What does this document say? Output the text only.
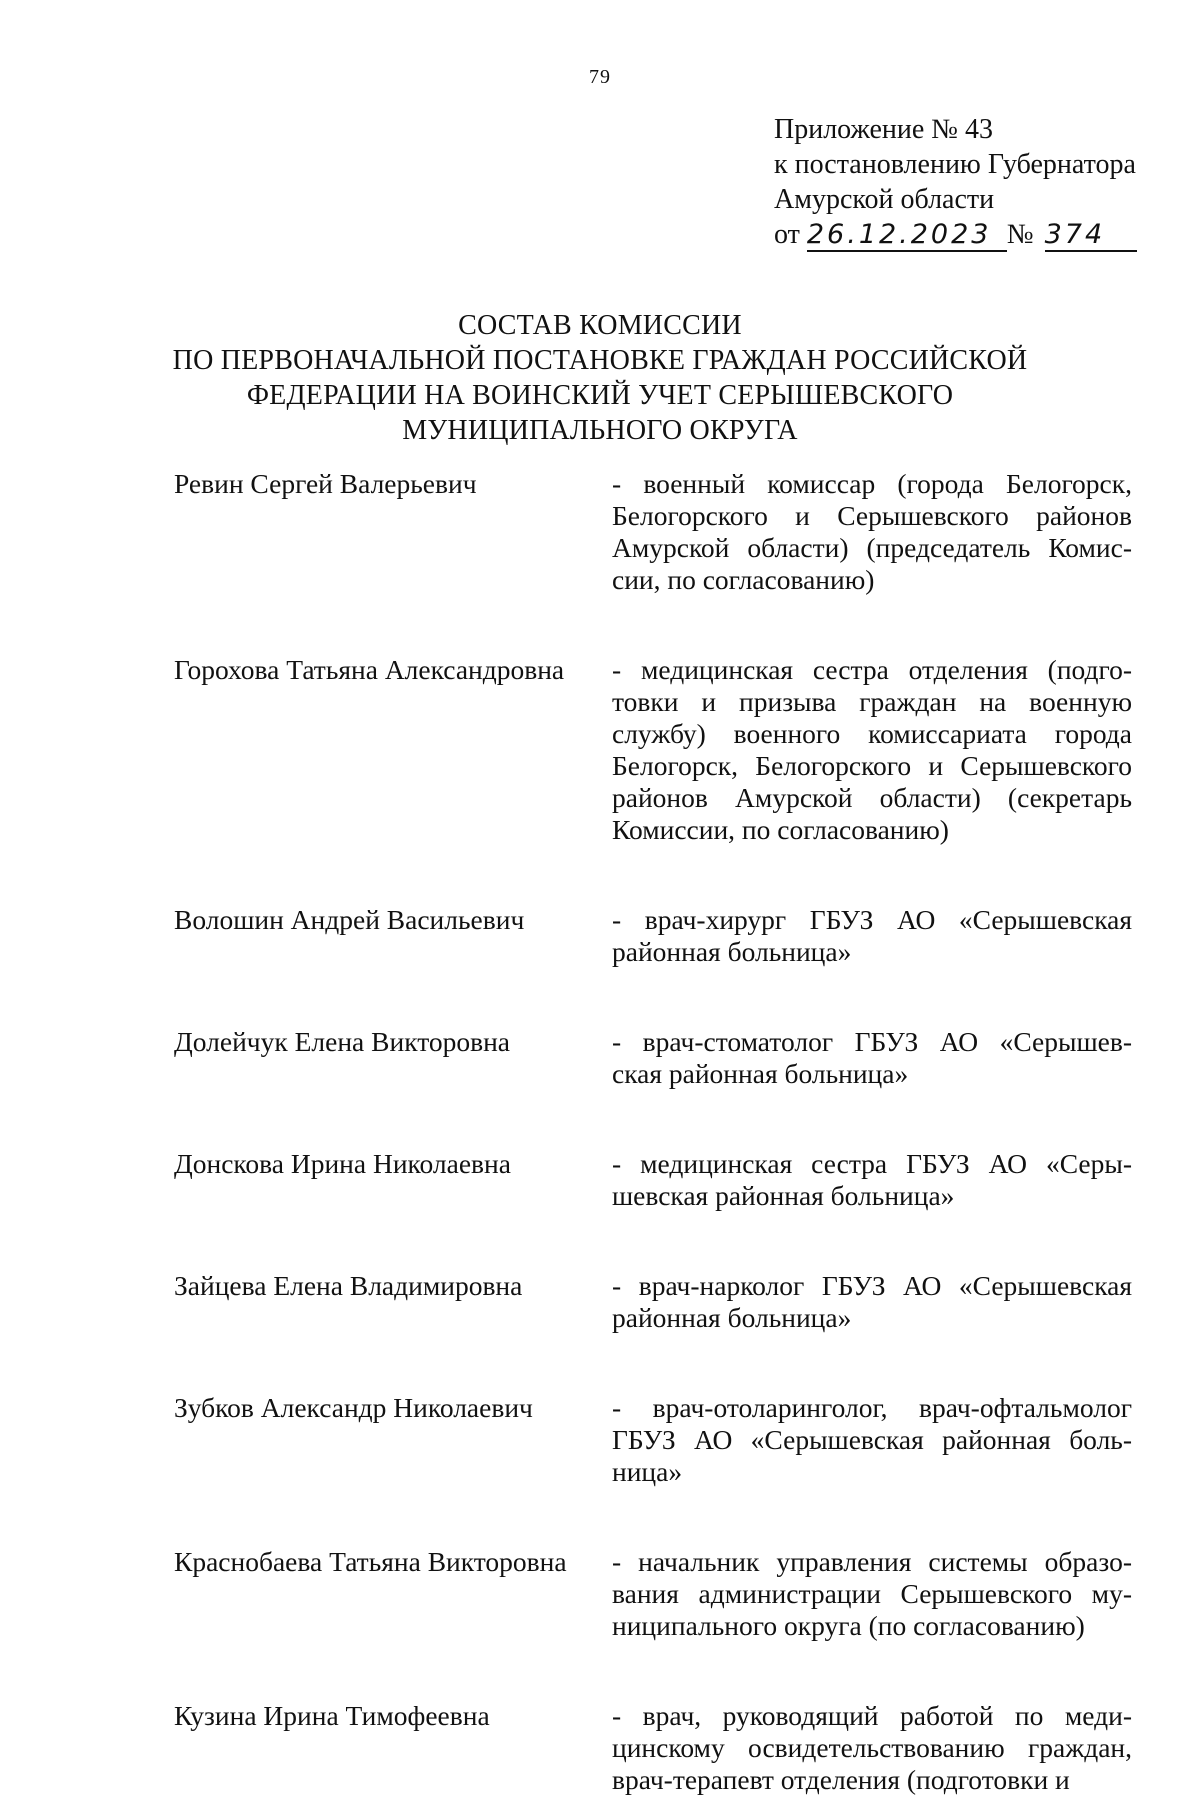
79
Приложение № 43
к постановлению Губернатора
Амурской области
от 26.12.2023 № 374
СОСТАВ КОМИССИИ
ПО ПЕРВОНАЧАЛЬНОЙ ПОСТАНОВКЕ ГРАЖДАН РОССИЙСКОЙ
ФЕДЕРАЦИИ НА ВОИНСКИЙ УЧЕТ СЕРЫШЕВСКОГО
МУНИЦИПАЛЬНОГО ОКРУГА
Ревин Сергей Валерьевич	- военный комиссар (города Белогорск,
Белогорского и Серышевского районов
Амурской области) (председатель Комис-
сии, по согласованию)
Горохова Татьяна Александровна	- медицинская сестра отделения (подго-
товки и призыва граждан на военную
службу) военного комиссариата города
Белогорск, Белогорского и Серышевского
районов Амурской области) (секретарь
Комиссии, по согласованию)
Волошин Андрей Васильевич	- врач-хирург ГБУЗ АО «Серышевская
районная больница»
Долейчук Елена Викторовна	- врач-стоматолог ГБУЗ АО «Серышев-
ская районная больница»
Донскова Ирина Николаевна	- медицинская сестра ГБУЗ АО «Серы-
шевская районная больница»
Зайцева Елена Владимировна	- врач-нарколог ГБУЗ АО «Серышевская
районная больница»
Зубков Александр Николаевич	- врач-отоларинголог, врач-офтальмолог
ГБУЗ АО «Серышевская районная боль-
ница»
Краснобаева Татьяна Викторовна	- начальник управления системы образо-
вания администрации Серышевского му-
ниципального округа (по согласованию)
Кузина Ирина Тимофеевна	- врач, руководящий работой по меди-
цинскому освидетельствованию граждан,
врач-терапевт отделения (подготовки и
